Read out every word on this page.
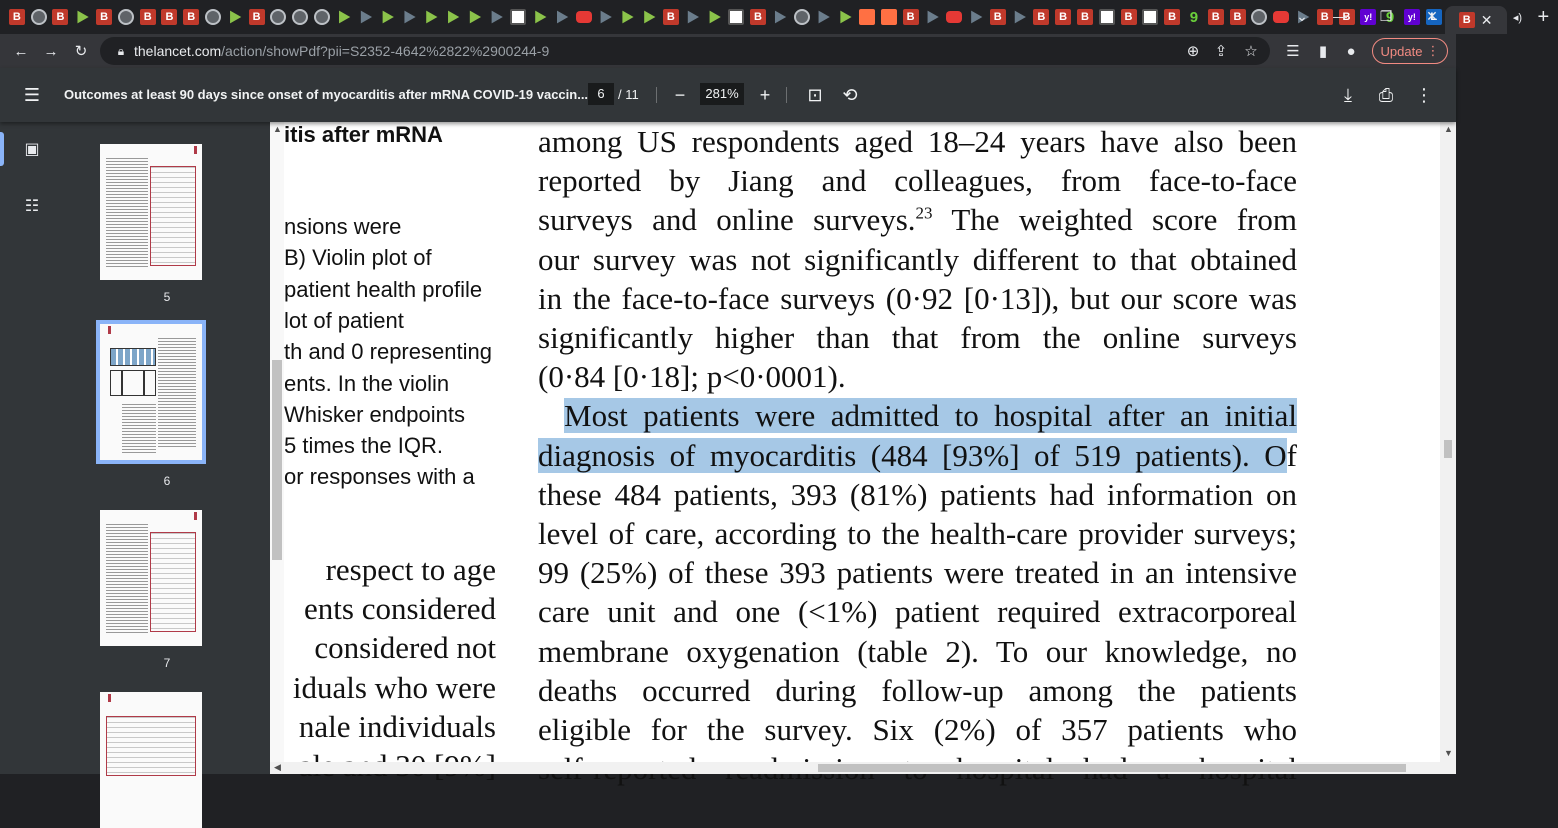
B
B
B
B
B
B
B
B
B
B
B
B
B
B
B
B
9
B
B
B
B
y!
9
y!
L
B
✕	◂) +
⌄	—	❐	✕
← →	↻	🔒︎ thelancet.com/action/showPdf?pii=S2352-4642%2822%2900244-9	⊕	⇪	☆ ☰	▮	●	Update ⋮
☰	Outcomes at least 90 days since onset of myocarditis after mRNA COVID-19 vaccin... 6	/ 11	−	281%	+	⊡ ⟲	⤓	⎙ ⋮
▣
☷
5
6
7
itis after mRNA
nsions were
B) Violin plot of
patient health profile
lot of patient
th and 0 representing
ents. In the violin
Whisker endpoints
5 times the IQR.
or responses with a
respect to age
ents considered
considered not
iduals who were
nale individuals
among US respondents aged 18–24 years have also been
reported by Jiang and colleagues, from face-to-face
surveys and online surveys.$^{23}$ The weighted score from
our survey was not significantly different to that obtained
in the face-to-face surveys (0·92 [0·13]), but our score was
significantly higher than that from the online surveys
(0·84 [0·18]; p<0·0001).
Most patients were admitted to hospital after an initial
diagnosis of myocarditis (484 [93%] of 519 patients). Of
these 484 patients, 393 (81%) patients had information on
level of care, according to the health-care provider surveys;
99 (25%) of these 393 patients were treated in an intensive
care unit and one (<1%) patient required extracorporeal
membrane oxygenation (table 2). To our knowledge, no
deaths occurred during follow-up among the patients
eligible for the survey. Six (2%) of 357 patients who
▲	▲
▼
◀
